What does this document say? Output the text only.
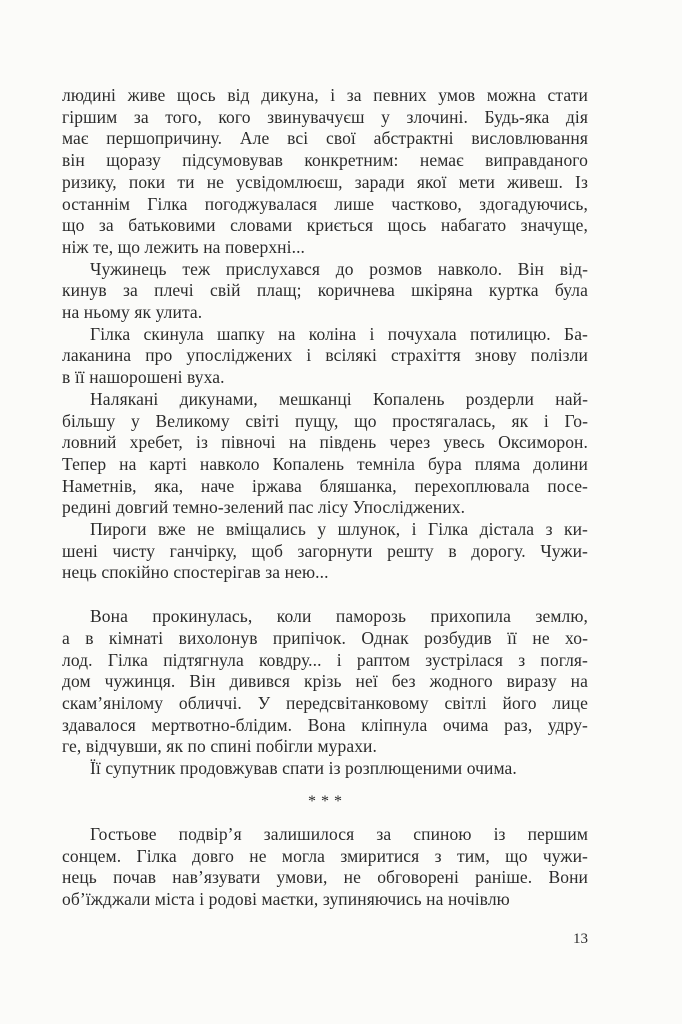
людині живе щось від дикуна, і за певних умов можна стати
гіршим за того, кого звинувачуєш у злочині. Будь-яка дія
має першопричину. Але всі свої абстрактні висловлювання
він щоразу підсумовував конкретним: немає виправданого
ризику, поки ти не усвідомлюєш, заради якої мети живеш. Із
останнім Гілка погоджувалася лише частково, здогадуючись,
що за батьковими словами криється щось набагато значуще,
ніж те, що лежить на поверхні...
Чужинець теж прислухався до розмов навколо. Він від-
кинув за плечі свій плащ; коричнева шкіряна куртка була
на ньому як улита.
Гілка скинула шапку на коліна і почухала потилицю. Ба-
лаканина про упосліджених і всілякі страхіття знову полізли
в її нашорошені вуха.
Налякані дикунами, мешканці Копалень роздерли най-
більшу у Великому світі пущу, що простягалась, як і Го-
ловний хребет, із півночі на південь через увесь Оксиморон.
Тепер на карті навколо Копалень темніла бура пляма долини
Наметнів, яка, наче іржава бляшанка, перехоплювала посе-
редині довгий темно-зелений пас лісу Упосліджених.
Пироги вже не вміщались у шлунок, і Гілка дістала з ки-
шені чисту ганчірку, щоб загорнути решту в дорогу. Чужи-
нець спокійно спостерігав за нею...
Вона прокинулась, коли паморозь прихопила землю,
а в кімнаті вихолонув припічок. Однак розбудив її не хо-
лод. Гілка підтягнула ковдру... і раптом зустрілася з погля-
дом чужинця. Він дивився крізь неї без жодного виразу на
скам’янілому обличчі. У передсвітанковому світлі його лице
здавалося мертвотно-блідим. Вона кліпнула очима раз, удру-
ге, відчувши, як по спині побігли мурахи.
Її супутник продовжував спати із розплющеними очима.
***
Гостьове подвір’я залишилося за спиною із першим
сонцем. Гілка довго не могла змиритися з тим, що чужи-
нець почав нав’язувати умови, не обговорені раніше. Вони
об’їжджали міста і родові маєтки, зупиняючись на ночівлю
13
